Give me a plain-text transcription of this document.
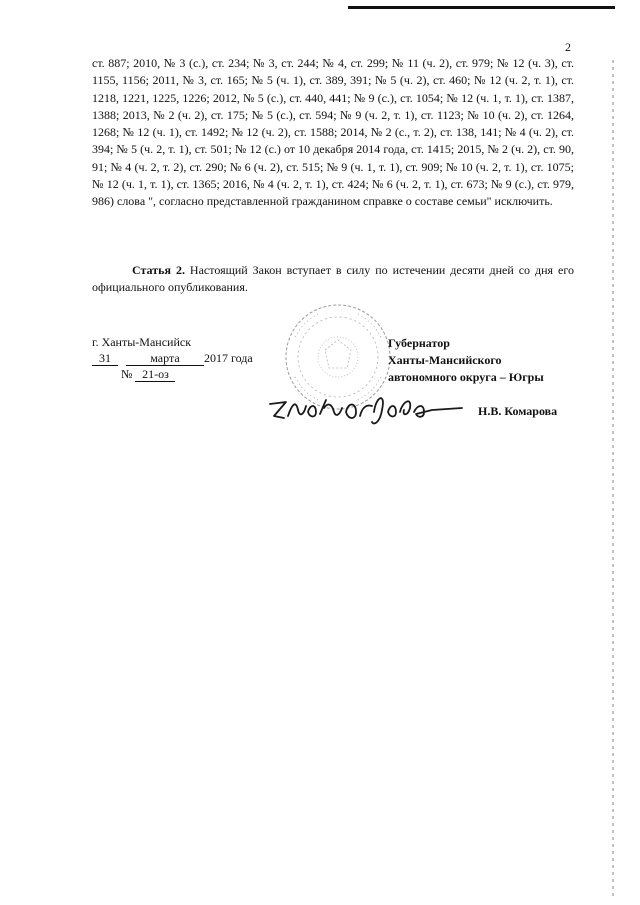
2

ст. 887; 2010, № 3 (с.), ст. 234; № 3, ст. 244; № 4, ст. 299; № 11 (ч. 2), ст. 979; № 12 (ч. 3), ст. 1155, 1156; 2011, № 3, ст. 165; № 5 (ч. 1), ст. 389, 391; № 5 (ч. 2), ст. 460; № 12 (ч. 2, т. 1), ст. 1218, 1221, 1225, 1226; 2012, № 5 (с.), ст. 440, 441; № 9 (с.), ст. 1054; № 12 (ч. 1, т. 1), ст. 1387, 1388; 2013, № 2 (ч. 2), ст. 175; № 5 (с.), ст. 594; № 9 (ч. 2, т. 1), ст. 1123; № 10 (ч. 2), ст. 1264, 1268; № 12 (ч. 1), ст. 1492; № 12 (ч. 2), ст. 1588; 2014, № 2 (с., т. 2), ст. 138, 141; № 4 (ч. 2), ст. 394; № 5 (ч. 2, т. 1), ст. 501; № 12 (с.) от 10 декабря 2014 года, ст. 1415; 2015, № 2 (ч. 2), ст. 90, 91; № 4 (ч. 2, т. 2), ст. 290; № 6 (ч. 2), ст. 515; № 9 (ч. 1, т. 1), ст. 909; № 10 (ч. 2, т. 1), ст. 1075; № 12 (ч. 1, т. 1), ст. 1365; 2016, № 4 (ч. 2, т. 1), ст. 424; № 6 (ч. 2, т. 1), ст. 673; № 9 (с.), ст. 979, 986) слова ", согласно представленной гражданином справке о составе семьи" исключить.

Статья 2. Настоящий Закон вступает в силу по истечении десяти дней со дня его официального опубликования.

г. Ханты-Мансийск
31	марта 2017 года
№ 21-оз
Губернатор
Ханты-Мансийского
автономного округа – Югры
Н.В. Комарова
